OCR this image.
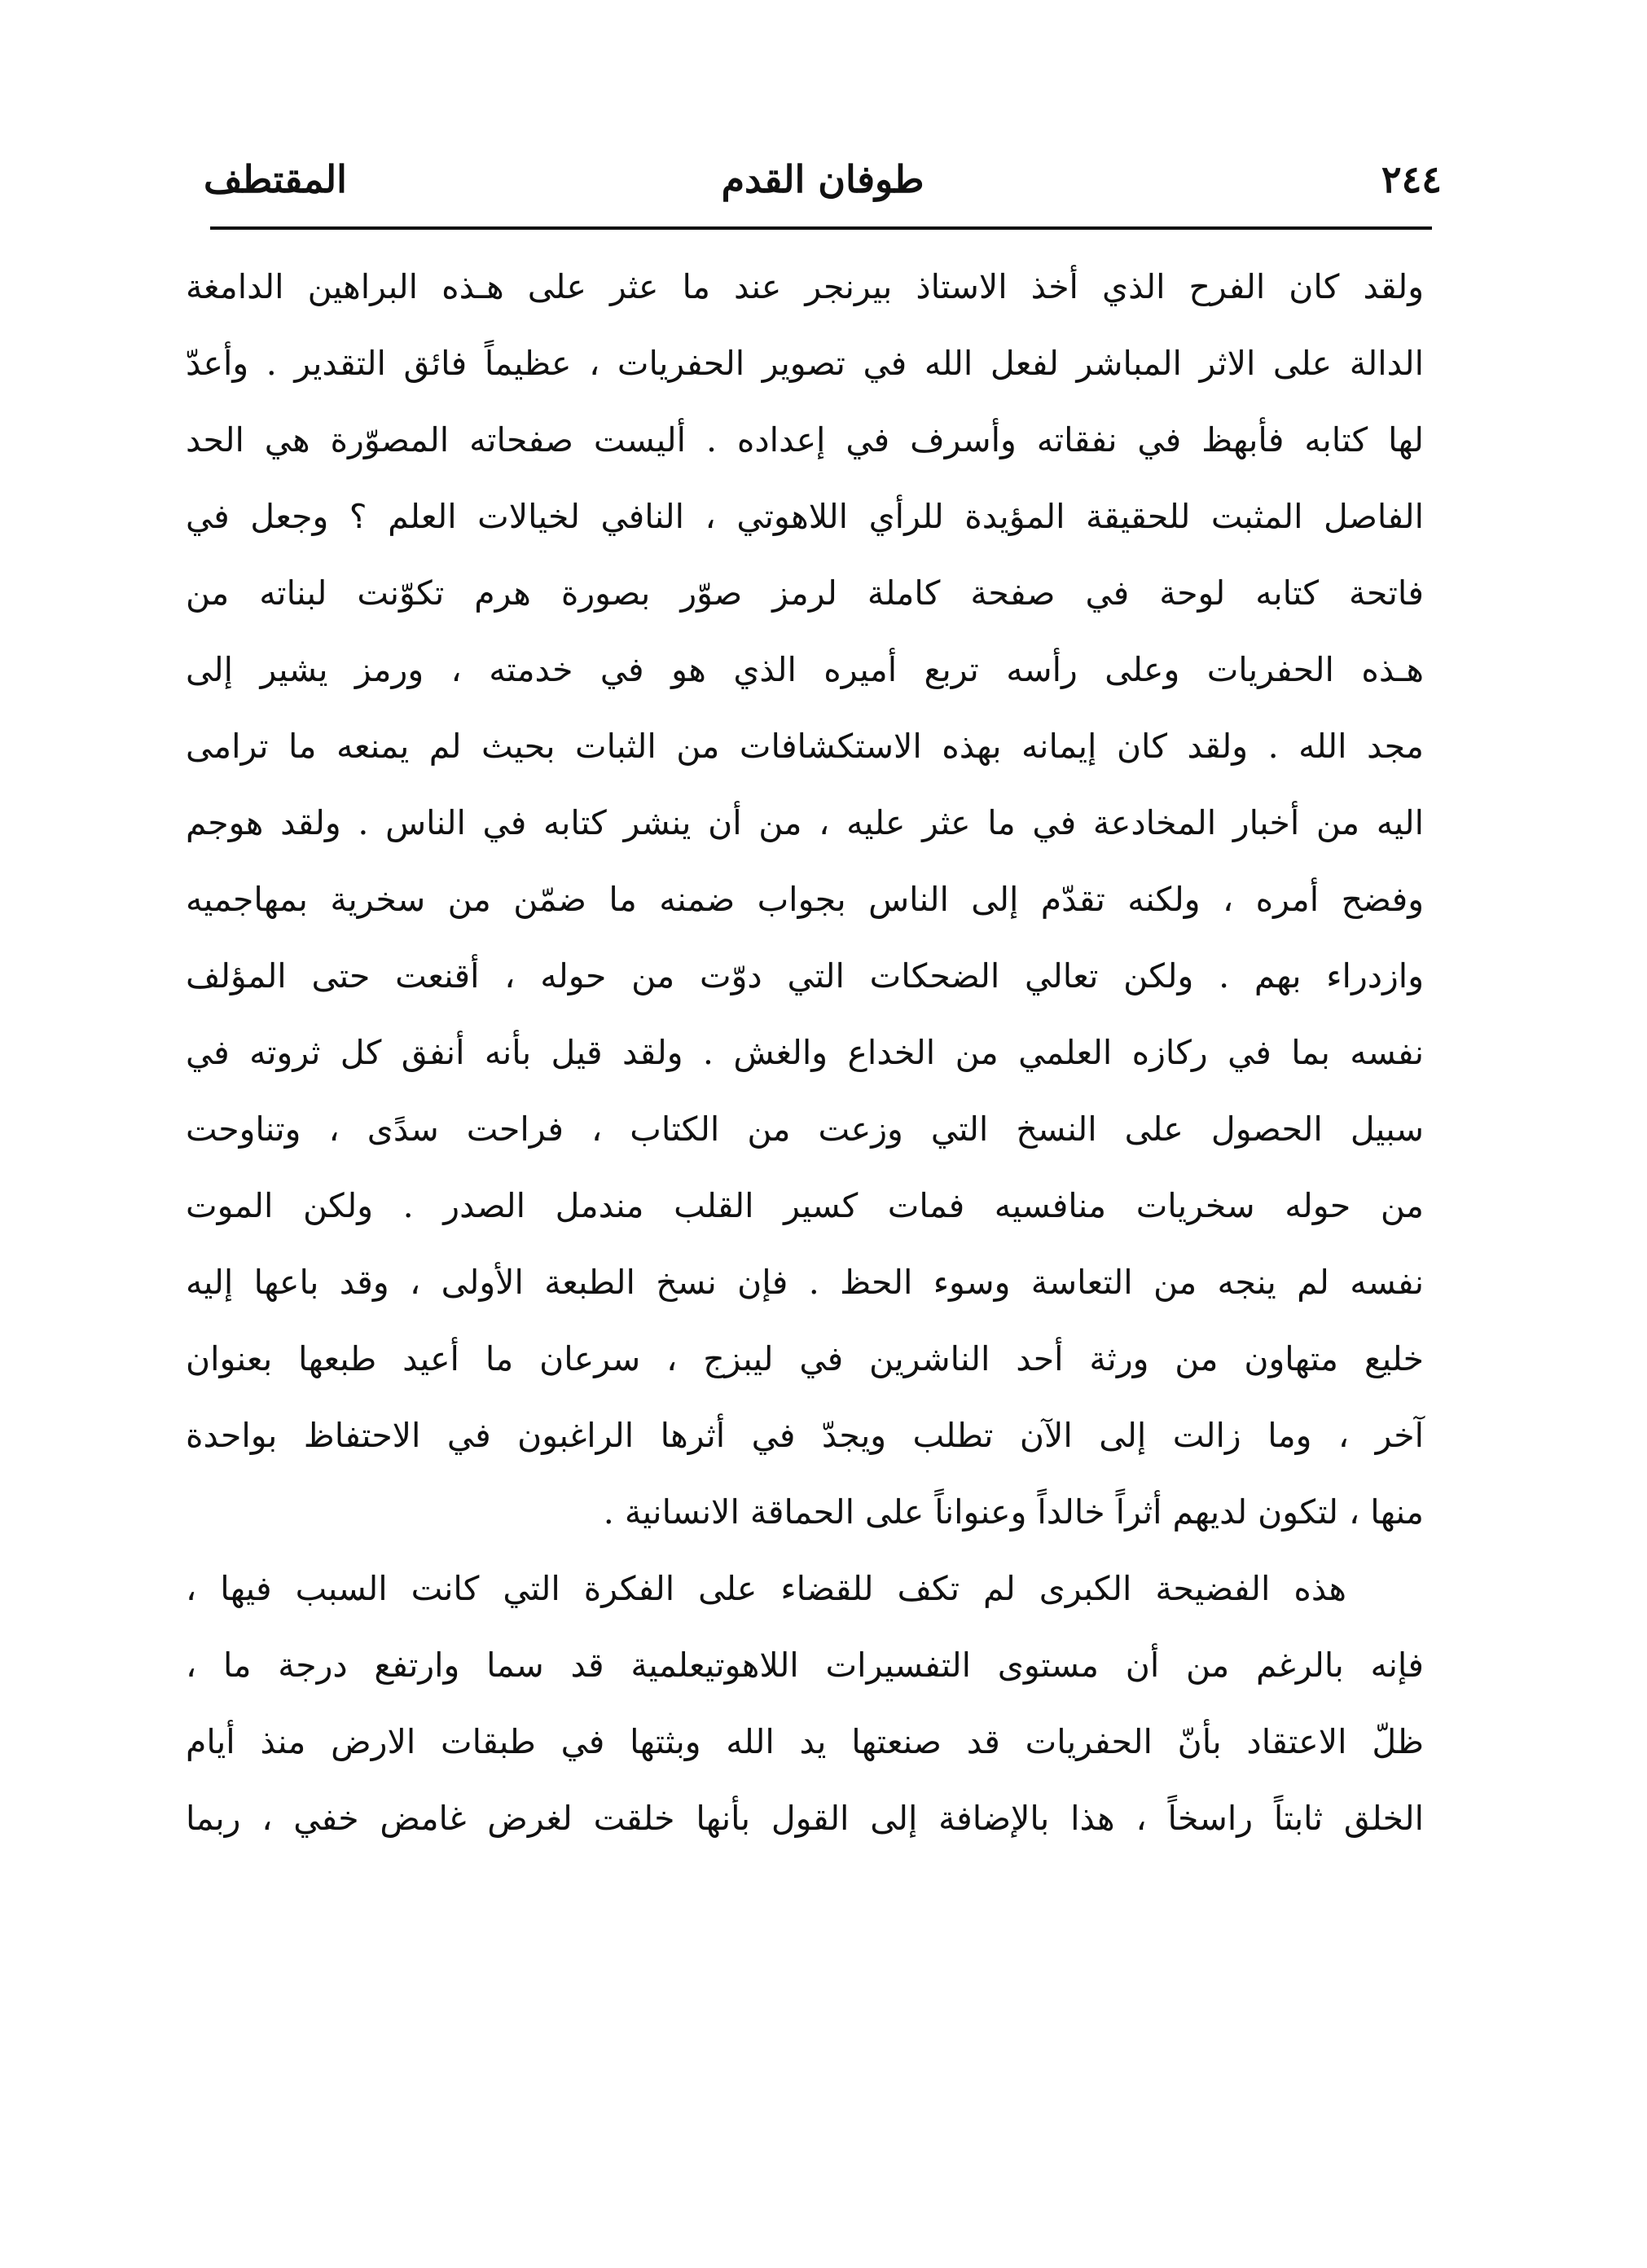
٢٤٤
طوفان القدم
المقتطف
ولقد كان الفرح الذي أخذ الاستاذ بيرنجر عند ما عثر على هـذه البراهين الدامغة
الدالة على الاثر المباشر لفعل الله في تصوير الحفريات ، عظيماً فائق التقدير . وأعدّ
لها كتابه فأبهظ في نفقاته وأسرف في إعداده . أليست صفحاته المصوّرة هي الحد
الفاصل المثبت للحقيقة المؤيدة للرأي اللاهوتي ، النافي لخيالات العلم ؟ وجعل في
فاتحة كتابه لوحة في صفحة كاملة لرمز صوّر بصورة هرم تكوّنت لبناته من
هـذه الحفريات وعلى رأسه تربع أميره الذي هو في خدمته ، ورمز يشير إلى
مجد الله . ولقد كان إيمانه بهذه الاستكشافات من الثبات بحيث لم يمنعه ما ترامى
اليه من أخبار المخادعة في ما عثر عليه ، من أن ينشر كتابه في الناس . ولقد هوجم
وفضح أمره ، ولكنه تقدّم إلى الناس بجواب ضمنه ما ضمّن من سخرية بمهاجميه
وازدراء بهم . ولكن تعالي الضحكات التي دوّت من حوله ، أقنعت حتى المؤلف
نفسه بما في ركازه العلمي من الخداع والغش . ولقد قيل بأنه أنفق كل ثروته في
سبيل الحصول على النسخ التي وزعت من الكتاب ، فراحت سدًى ، وتناوحت
من حوله سخريات منافسيه فمات كسير القلب مندمل الصدر . ولكن الموت
نفسه لم ينجه من التعاسة وسوء الحظ . فإن نسخ الطبعة الأولى ، وقد باعها إليه
خليع متهاون من ورثة أحد الناشرين في ليبزج ، سرعان ما أعيد طبعها بعنوان
آخر ، وما زالت إلى الآن تطلب ويجدّ في أثرها الراغبون في الاحتفاظ بواحدة
منها ، لتكون لديهم أثراً خالداً وعنواناً على الحماقة الانسانية .
هذه الفضيحة الكبرى لم تكف للقضاء على الفكرة التي كانت السبب فيها ،
فإنه بالرغم من أن مستوى التفسيرات اللاهوتيعلمية قد سما وارتفع درجة ما ،
ظلّ الاعتقاد بأنّ الحفريات قد صنعتها يد الله وبثتها في طبقات الارض منذ أيام
الخلق ثابتاً راسخاً ، هذا بالإضافة إلى القول بأنها خلقت لغرض غامض خفي ، ربما
